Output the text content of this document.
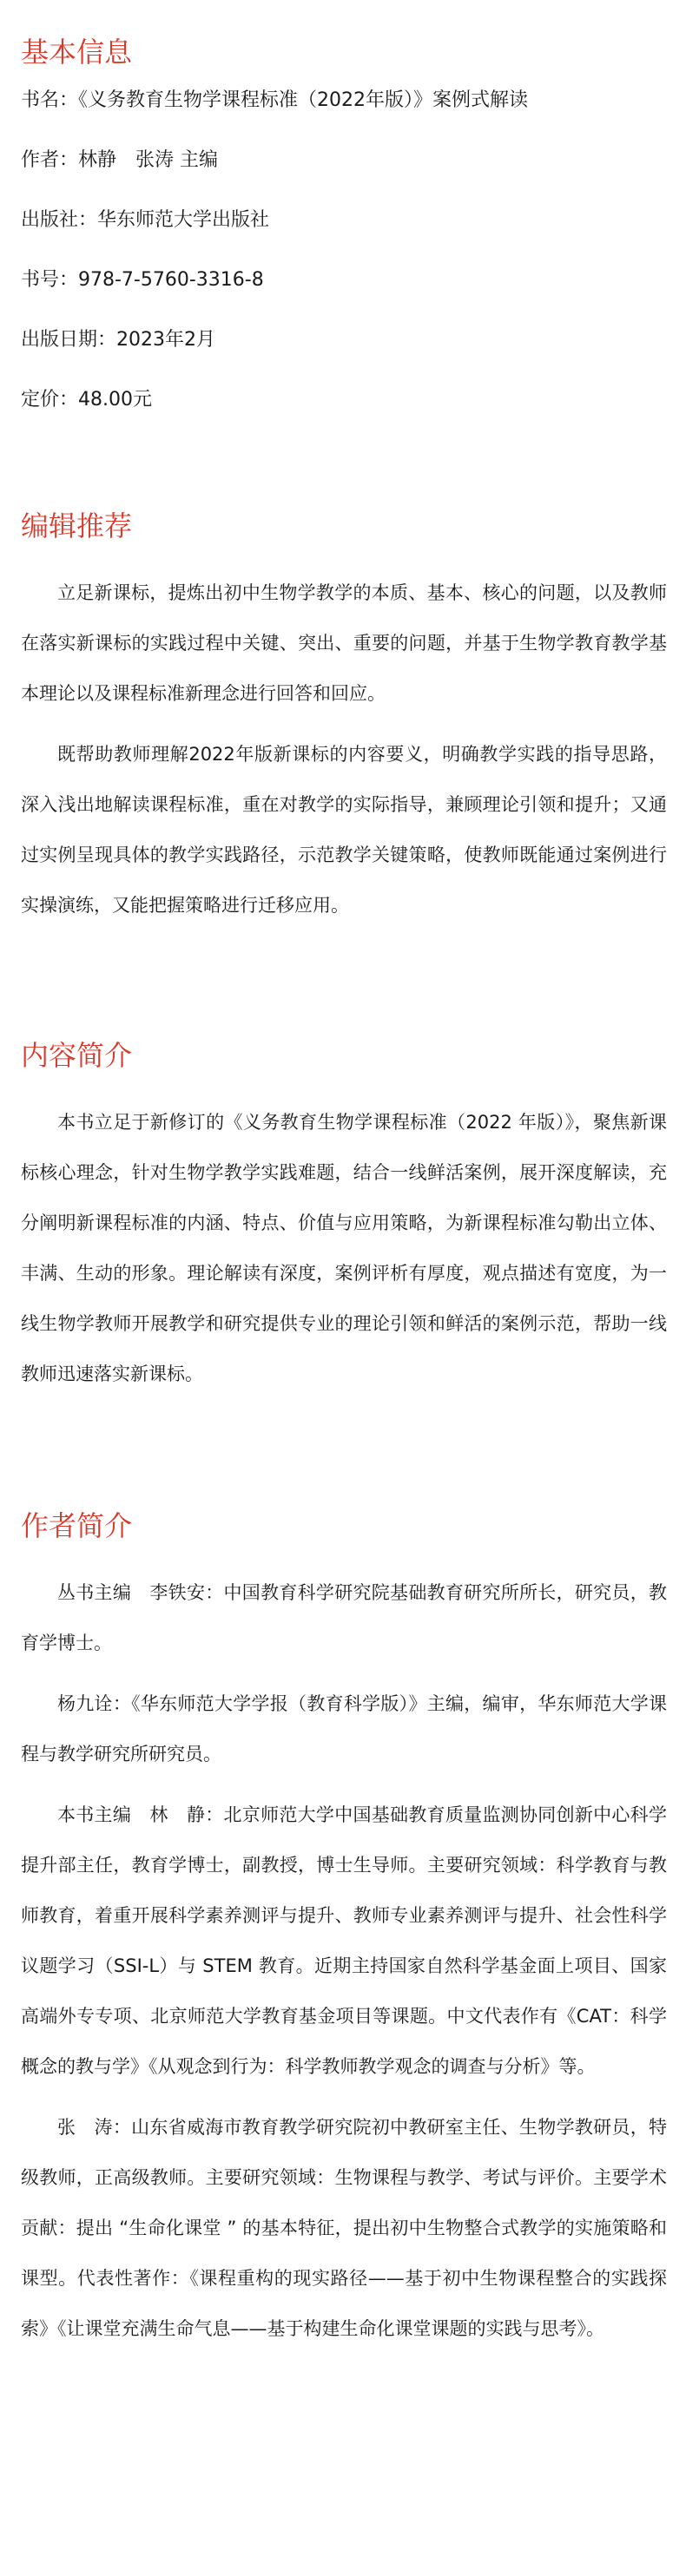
基本信息

书名：《义务教育生物学课程标准（2022年版）》案例式解读

作者：林静　张涛 主编

出版社：华东师范大学出版社

书号：978-7-5760-3316-8

出版日期：2023年2月

定价：48.00元

编辑推荐

立足新课标，提炼出初中生物学教学的本质、基本、核心的问题，以及教师在落实新课标的实践过程中关键、突出、重要的问题，并基于生物学教育教学基本理论以及课程标准新理念进行回答和回应。

既帮助教师理解2022年版新课标的内容要义，明确教学实践的指导思路，深入浅出地解读课程标准，重在对教学的实际指导，兼顾理论引领和提升；又通过实例呈现具体的教学实践路径，示范教学关键策略，使教师既能通过案例进行实操演练，又能把握策略进行迁移应用。

内容简介

本书立足于新修订的《义务教育生物学课程标准（2022 年版）》，聚焦新课标核心理念，针对生物学教学实践难题，结合一线鲜活案例，展开深度解读，充分阐明新课程标准的内涵、特点、价值与应用策略，为新课程标准勾勒出立体、丰满、生动的形象。理论解读有深度，案例评析有厚度，观点描述有宽度，为一线生物学教师开展教学和研究提供专业的理论引领和鲜活的案例示范，帮助一线教师迅速落实新课标。

作者简介

丛书主编　李铁安：中国教育科学研究院基础教育研究所所长，研究员，教育学博士。

杨九诠：《华东师范大学学报（教育科学版）》主编，编审，华东师范大学课程与教学研究所研究员。

本书主编　林　静：北京师范大学中国基础教育质量监测协同创新中心科学提升部主任，教育学博士，副教授，博士生导师。主要研究领域：科学教育与教师教育，着重开展科学素养测评与提升、教师专业素养测评与提升、社会性科学议题学习（SSI-L）与 STEM 教育。近期主持国家自然科学基金面上项目、国家高端外专专项、北京师范大学教育基金项目等课题。中文代表作有《CAT：科学概念的教与学》《从观念到行为：科学教师教学观念的调查与分析》等。

张　涛：山东省威海市教育教学研究院初中教研室主任、生物学教研员，特级教师，正高级教师。主要研究领域：生物课程与教学、考试与评价。主要学术贡献：提出 “生命化课堂 ” 的基本特征，提出初中生物整合式教学的实施策略和课型。代表性著作：《课程重构的现实路径——基于初中生物课程整合的实践探索》《让课堂充满生命气息——基于构建生命化课堂课题的实践与思考》。
